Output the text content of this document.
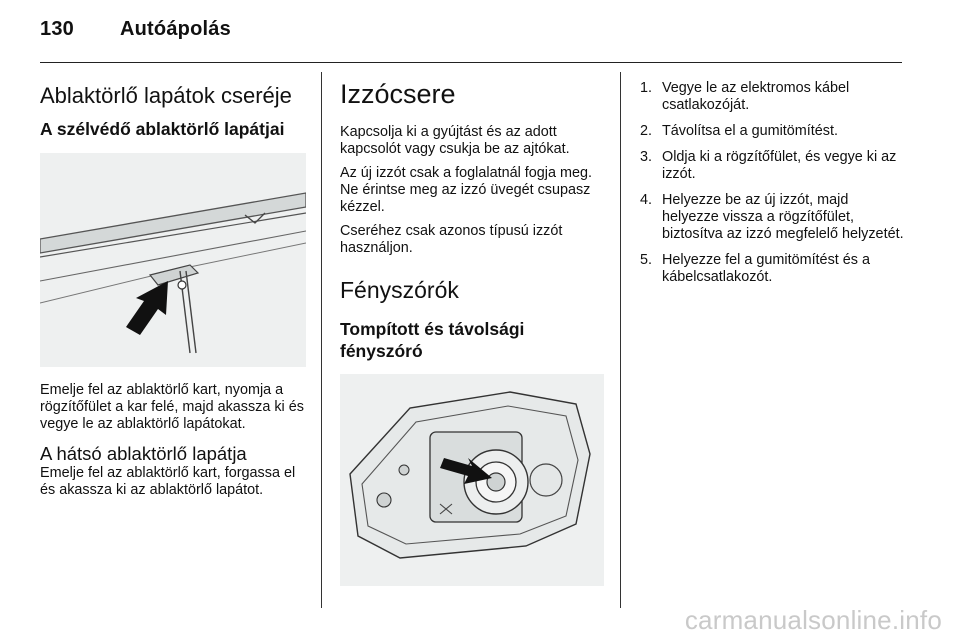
130 Autóápolás
Ablaktörlő lapátok cseréje
A szélvédő ablaktörlő lapátjai

Emelje fel az ablaktörlő kart, nyomja a rögzítőfület a kar felé, majd akassza ki és vegye le az ablaktörlő lapátokat.

A hátsó ablaktörlő lapátja

Emelje fel az ablaktörlő kart, forgassa el és akassza ki az ablaktörlő lapátot.

Izzócsere

Kapcsolja ki a gyújtást és az adott kapcsolót vagy csukja be az ajtókat.

Az új izzót csak a foglalatnál fogja meg. Ne érintse meg az izzó üvegét csupasz kézzel.

Cseréhez csak azonos típusú izzót használjon.

Fényszórók
Tompított és távolsági fényszóró
1. Vegye le az elektromos kábel csatlakozóját.
2. Távolítsa el a gumitömítést.
3. Oldja ki a rögzítőfület, és vegye ki az izzót.
4. Helyezze be az új izzót, majd helyezze vissza a rögzítőfület, biztosítva az izzó megfelelő helyzetét.
5. Helyezze fel a gumitömítést és a kábelcsatlakozót.
carmanualsonline.info
